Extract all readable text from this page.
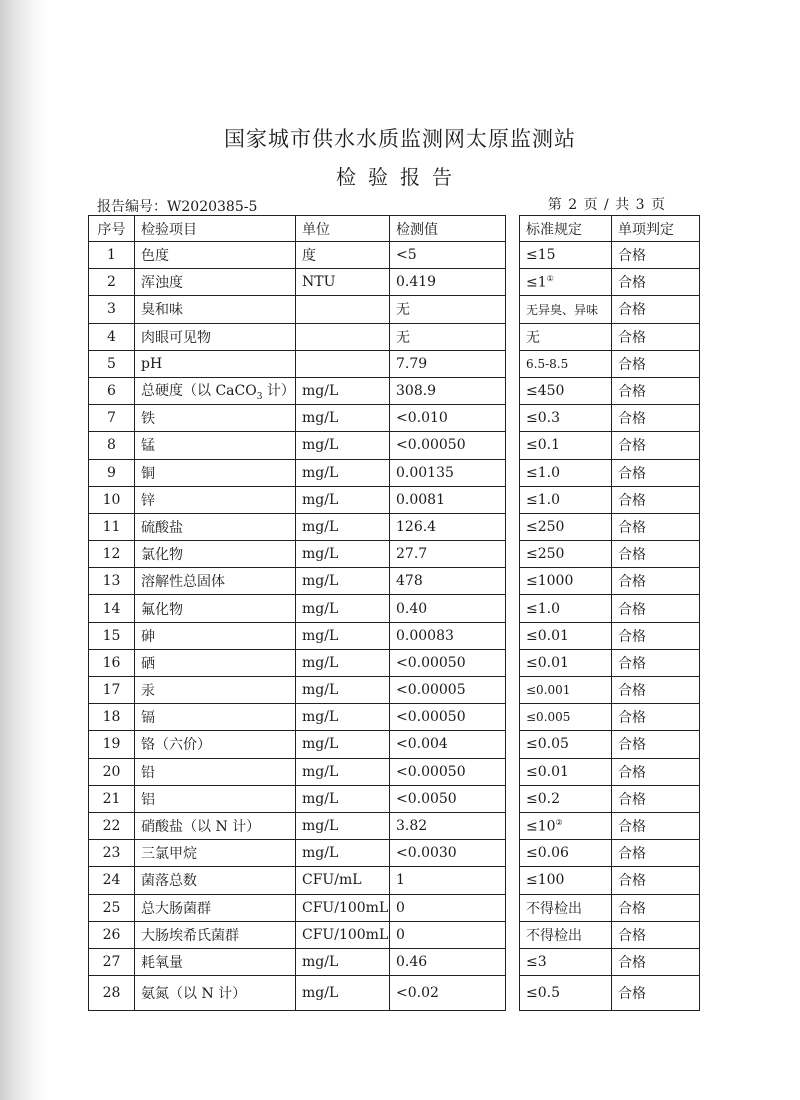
国家城市供水水质监测网太原监测站
检验报告
报告编号：W2020385-5	第 2 页 / 共 3 页
序号	检验项目	单位	检测值		标准规定	单项判定
1	色度	度	<5		≤15	合格
2	浑浊度	NTU	0.419		≤1①	合格
3	臭和味		无		无异臭、异味	合格
4	肉眼可见物		无		无	合格
5	pH		7.79		6.5-8.5	合格
6	总硬度（以 CaCO$_3$ 计）	mg/L	308.9		≤450	合格
7	铁	mg/L	<0.010		≤0.3	合格
8	锰	mg/L	<0.00050		≤0.1	合格
9	铜	mg/L	0.00135		≤1.0	合格
10	锌	mg/L	0.0081		≤1.0	合格
11	硫酸盐	mg/L	126.4		≤250	合格
12	氯化物	mg/L	27.7		≤250	合格
13	溶解性总固体	mg/L	478		≤1000	合格
14	氟化物	mg/L	0.40		≤1.0	合格
15	砷	mg/L	0.00083		≤0.01	合格
16	硒	mg/L	<0.00050		≤0.01	合格
17	汞	mg/L	<0.00005		≤0.001	合格
18	镉	mg/L	<0.00050		≤0.005	合格
19	铬（六价）	mg/L	<0.004		≤0.05	合格
20	铅	mg/L	<0.00050		≤0.01	合格
21	铝	mg/L	<0.0050		≤0.2	合格
22	硝酸盐（以 N 计）	mg/L	3.82		≤10②	合格
23	三氯甲烷	mg/L	<0.0030		≤0.06	合格
24	菌落总数	CFU/mL	1		≤100	合格
25	总大肠菌群	CFU/100mL	0		不得检出	合格
26	大肠埃希氏菌群	CFU/100mL	0		不得检出	合格
27	耗氧量	mg/L	0.46		≤3	合格
28	氨氮（以 N 计）	mg/L	<0.02		≤0.5	合格
